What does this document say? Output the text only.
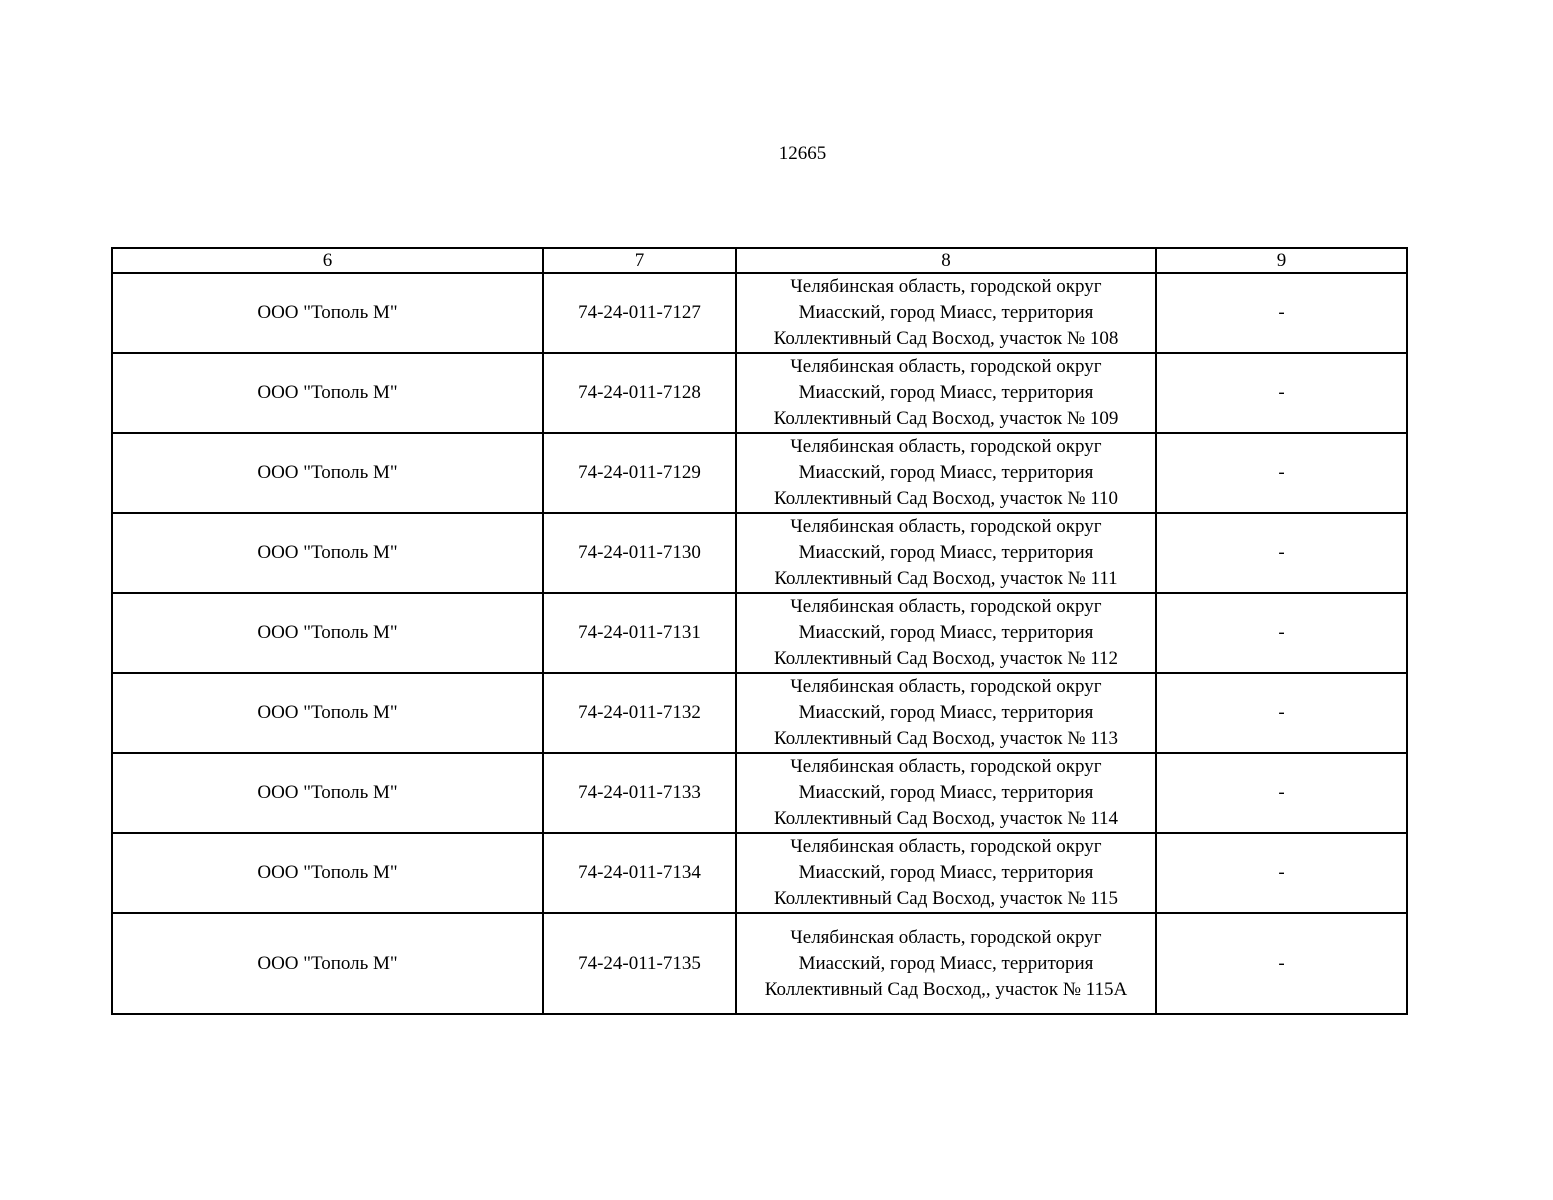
12665
6	7	8	9
ООО "Тополь М"	74-24-011-7127	Челябинская область, городской округ
Миасский, город Миасс, территория
Коллективный Сад Восход, участок № 108	-
ООО "Тополь М"	74-24-011-7128	Челябинская область, городской округ
Миасский, город Миасс, территория
Коллективный Сад Восход, участок № 109	-
ООО "Тополь М"	74-24-011-7129	Челябинская область, городской округ
Миасский, город Миасс, территория
Коллективный Сад Восход, участок № 110	-
ООО "Тополь М"	74-24-011-7130	Челябинская область, городской округ
Миасский, город Миасс, территория
Коллективный Сад Восход, участок № 111	-
ООО "Тополь М"	74-24-011-7131	Челябинская область, городской округ
Миасский, город Миасс, территория
Коллективный Сад Восход, участок № 112	-
ООО "Тополь М"	74-24-011-7132	Челябинская область, городской округ
Миасский, город Миасс, территория
Коллективный Сад Восход, участок № 113	-
ООО "Тополь М"	74-24-011-7133	Челябинская область, городской округ
Миасский, город Миасс, территория
Коллективный Сад Восход, участок № 114	-
ООО "Тополь М"	74-24-011-7134	Челябинская область, городской округ
Миасский, город Миасс, территория
Коллективный Сад Восход, участок № 115	-
ООО "Тополь М"	74-24-011-7135	Челябинская область, городской округ
Миасский, город Миасс, территория
Коллективный Сад Восход,, участок № 115А	-
